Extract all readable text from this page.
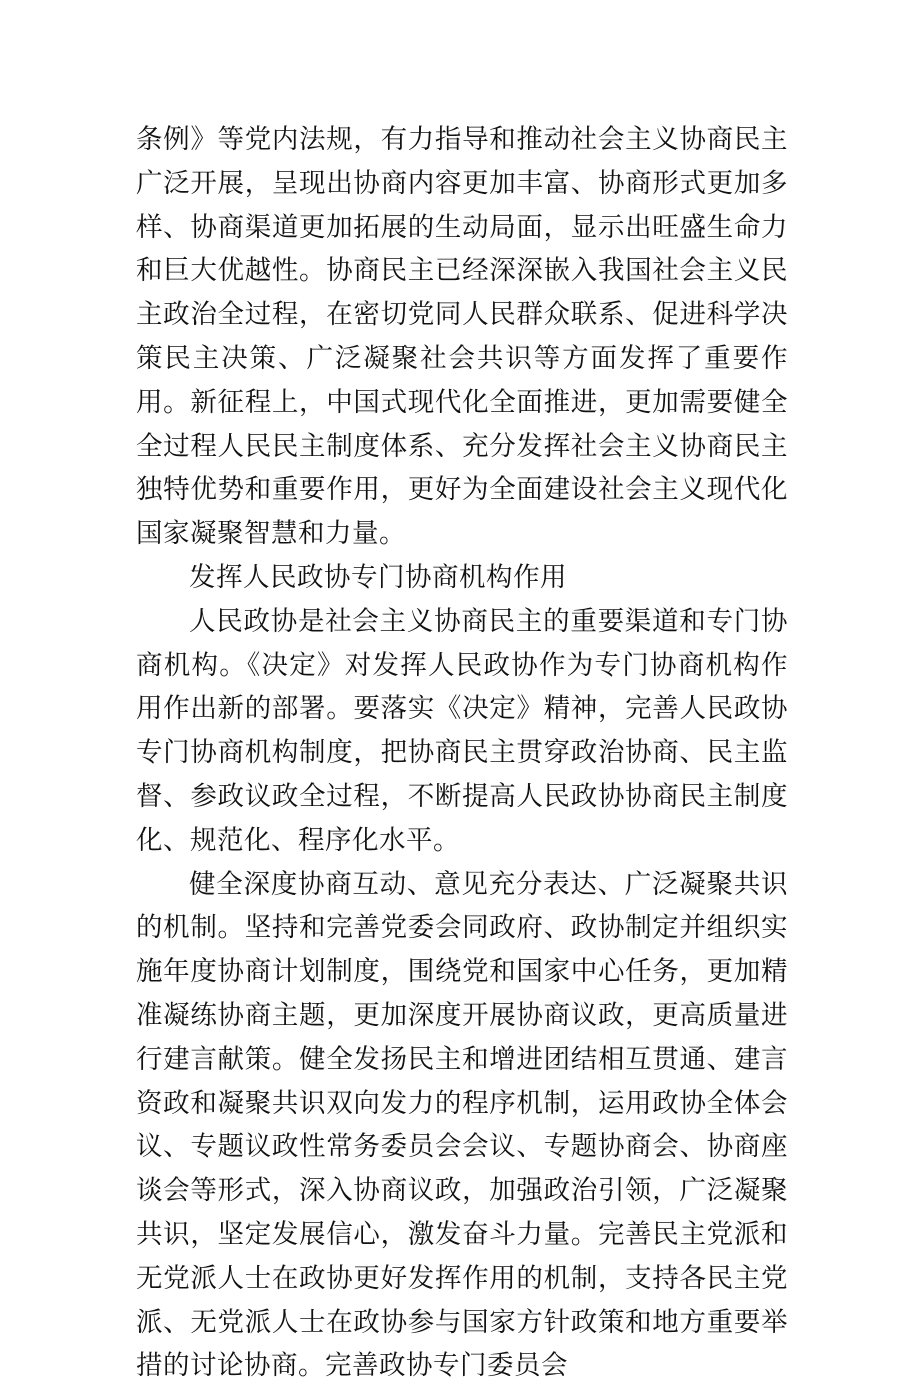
条例》等党内法规，有力指导和推动社会主义协商民主广泛开展，呈现出协商内容更加丰富、协商形式更加多样、协商渠道更加拓展的生动局面，显示出旺盛生命力和巨大优越性。协商民主已经深深嵌入我国社会主义民主政治全过程，在密切党同人民群众联系、促进科学决策民主决策、广泛凝聚社会共识等方面发挥了重要作用。新征程上，中国式现代化全面推进，更加需要健全全过程人民民主制度体系、充分发挥社会主义协商民主独特优势和重要作用，更好为全面建设社会主义现代化国家凝聚智慧和力量。

发挥人民政协专门协商机构作用

人民政协是社会主义协商民主的重要渠道和专门协商机构。《决定》对发挥人民政协作为专门协商机构作用作出新的部署。要落实《决定》精神，完善人民政协专门协商机构制度，把协商民主贯穿政治协商、民主监督、参政议政全过程，不断提高人民政协协商民主制度化、规范化、程序化水平。

健全深度协商互动、意见充分表达、广泛凝聚共识的机制。坚持和完善党委会同政府、政协制定并组织实施年度协商计划制度，围绕党和国家中心任务，更加精准凝练协商主题，更加深度开展协商议政，更高质量进行建言献策。健全发扬民主和增进团结相互贯通、建言资政和凝聚共识双向发力的程序机制，运用政协全体会议、专题议政性常务委员会会议、专题协商会、协商座谈会等形式，深入协商议政，加强政治引领，广泛凝聚共识，坚定发展信心，激发奋斗力量。完善民主党派和无党派人士在政协更好发挥作用的机制，支持各民主党派、无党派人士在政协参与国家方针政策和地方重要举措的讨论协商。完善政协专门委员会
